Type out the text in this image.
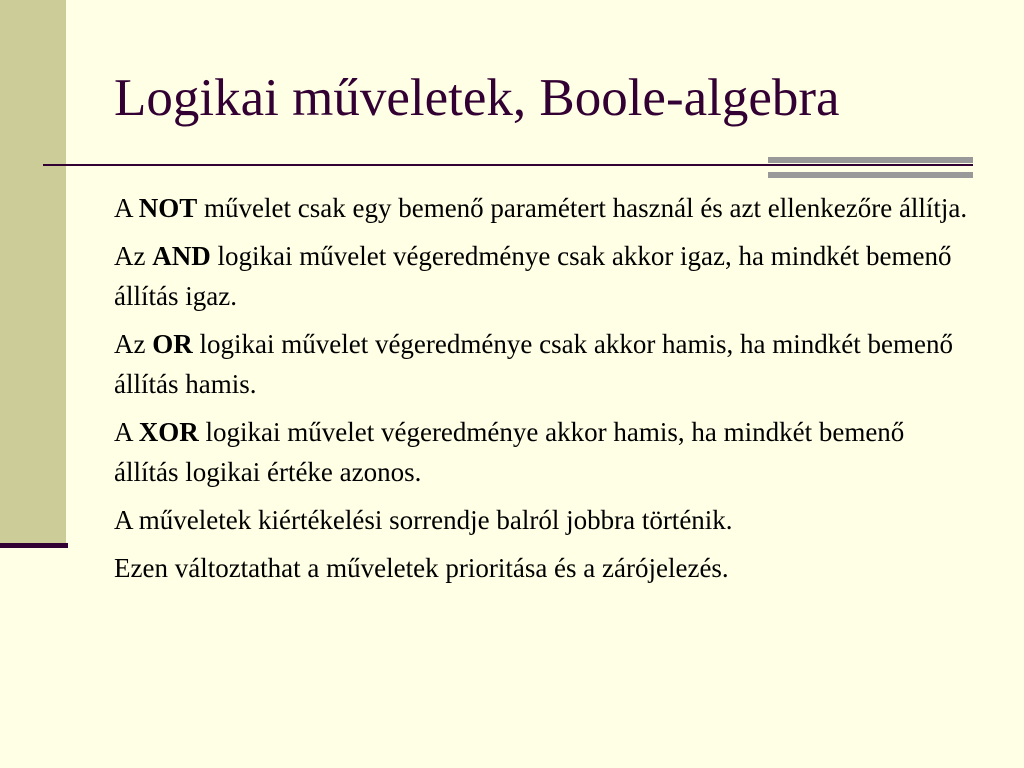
Logikai műveletek, Boole-algebra

A NOT művelet csak egy bemenő paramétert használ és azt ellenkezőre állítja.

Az AND logikai művelet végeredménye csak akkor igaz, ha mindkét bemenő állítás igaz.

Az OR logikai művelet végeredménye csak akkor hamis, ha mindkét bemenő állítás hamis.

A XOR logikai művelet végeredménye akkor hamis, ha mindkét bemenő állítás logikai értéke azonos.

A műveletek kiértékelési sorrendje balról jobbra történik.

Ezen változtathat a műveletek prioritása és a zárójelezés.
